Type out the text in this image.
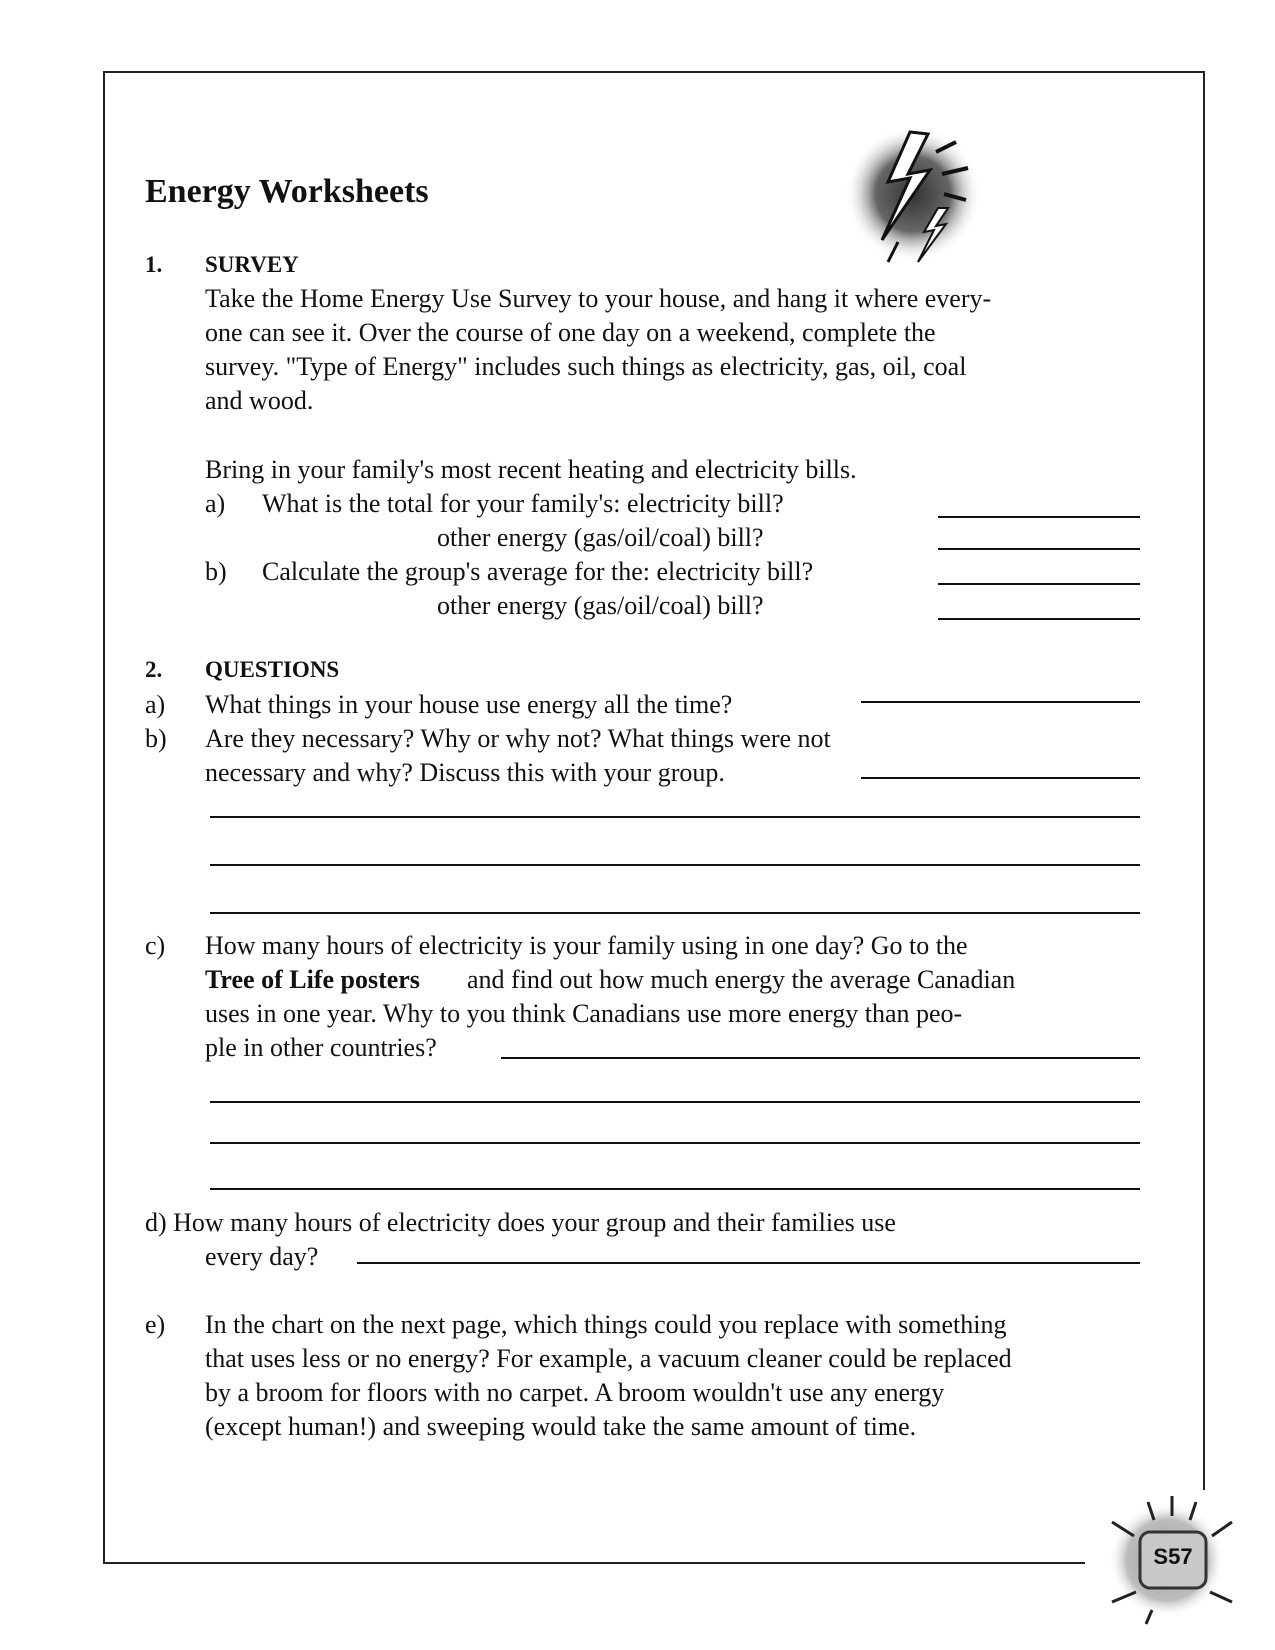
Energy Worksheets
1. SURVEY
Take the Home Energy Use Survey to your house, and hang it where every-
one can see it. Over the course of one day on a weekend, complete the
survey. "Type of Energy" includes such things as electricity, gas, oil, coal
and wood.
Bring in your family's most recent heating and electricity bills.
a) What is the total for your family's: electricity bill?
other energy (gas/oil/coal) bill?
b) Calculate the group's average for the: electricity bill?
other energy (gas/oil/coal) bill?
2. QUESTIONS
a) What things in your house use energy all the time?
b) Are they necessary? Why or why not? What things were not
necessary and why? Discuss this with your group.
c) How many hours of electricity is your family using in one day? Go to the
Tree of Life posters and find out how much energy the average Canadian
uses in one year. Why to you think Canadians use more energy than peo-
ple in other countries?
d) How many hours of electricity does your group and their families use
every day?
e) In the chart on the next page, which things could you replace with something
that uses less or no energy? For example, a vacuum cleaner could be replaced
by a broom for floors with no carpet. A broom wouldn't use any energy
(except human!) and sweeping would take the same amount of time.
S57
